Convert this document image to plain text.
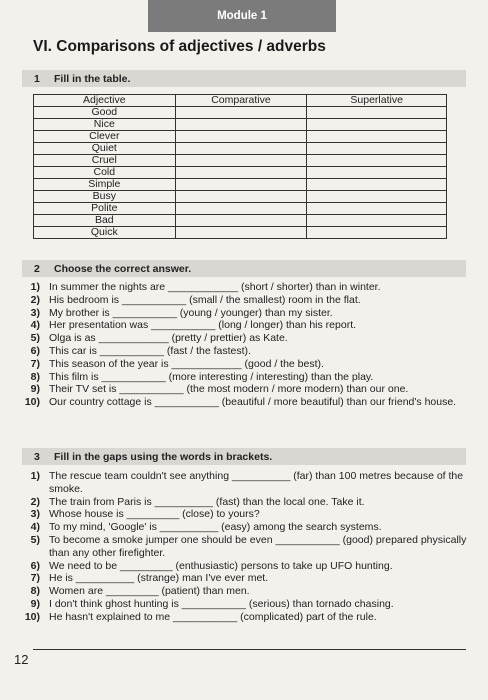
Module 1
VI. Comparisons of adjectives / adverbs
1	Fill in the table.
Adjective	Comparative	Superlative
Good		
Nice		
Clever		
Quiet		
Cruel		
Cold		
Simple		
Busy		
Polite		
Bad		
Quick		
2	Choose the correct answer.
1) In summer the nights are ____________ (short / shorter) than in winter.
2) His bedroom is ___________ (small / the smallest) room in the flat.
3) My brother is ___________ (young / younger) than my sister.
4) Her presentation was ___________ (long / longer) than his report.
5) Olga is as ____________ (pretty / prettier) as Kate.
6) This car is ___________ (fast / the fastest).
7) This season of the year is ____________ (good / the best).
8) This film is ___________ (more interesting / interesting) than the play.
9) Their TV set is ___________ (the most modern / more modern) than our one.
10) Our country cottage is ___________ (beautiful / more beautiful) than our friend's house.
3	Fill in the gaps using the words in brackets.
1) The rescue team couldn't see anything __________ (far) than 100 metres because of the smoke.
2) The train from Paris is __________ (fast) than the local one. Take it.
3) Whose house is _________ (close) to yours?
4) To my mind, 'Google' is __________ (easy) among the search systems.
5) To become a smoke jumper one should be even ___________ (good) prepared physically than any other firefighter.
6) We need to be _________ (enthusiastic) persons to take up UFO hunting.
7) He is __________ (strange) man I've ever met.
8) Women are _________ (patient) than men.
9) I don't think ghost hunting is ___________ (serious) than tornado chasing.
10) He hasn't explained to me ___________ (complicated) part of the rule.
12
